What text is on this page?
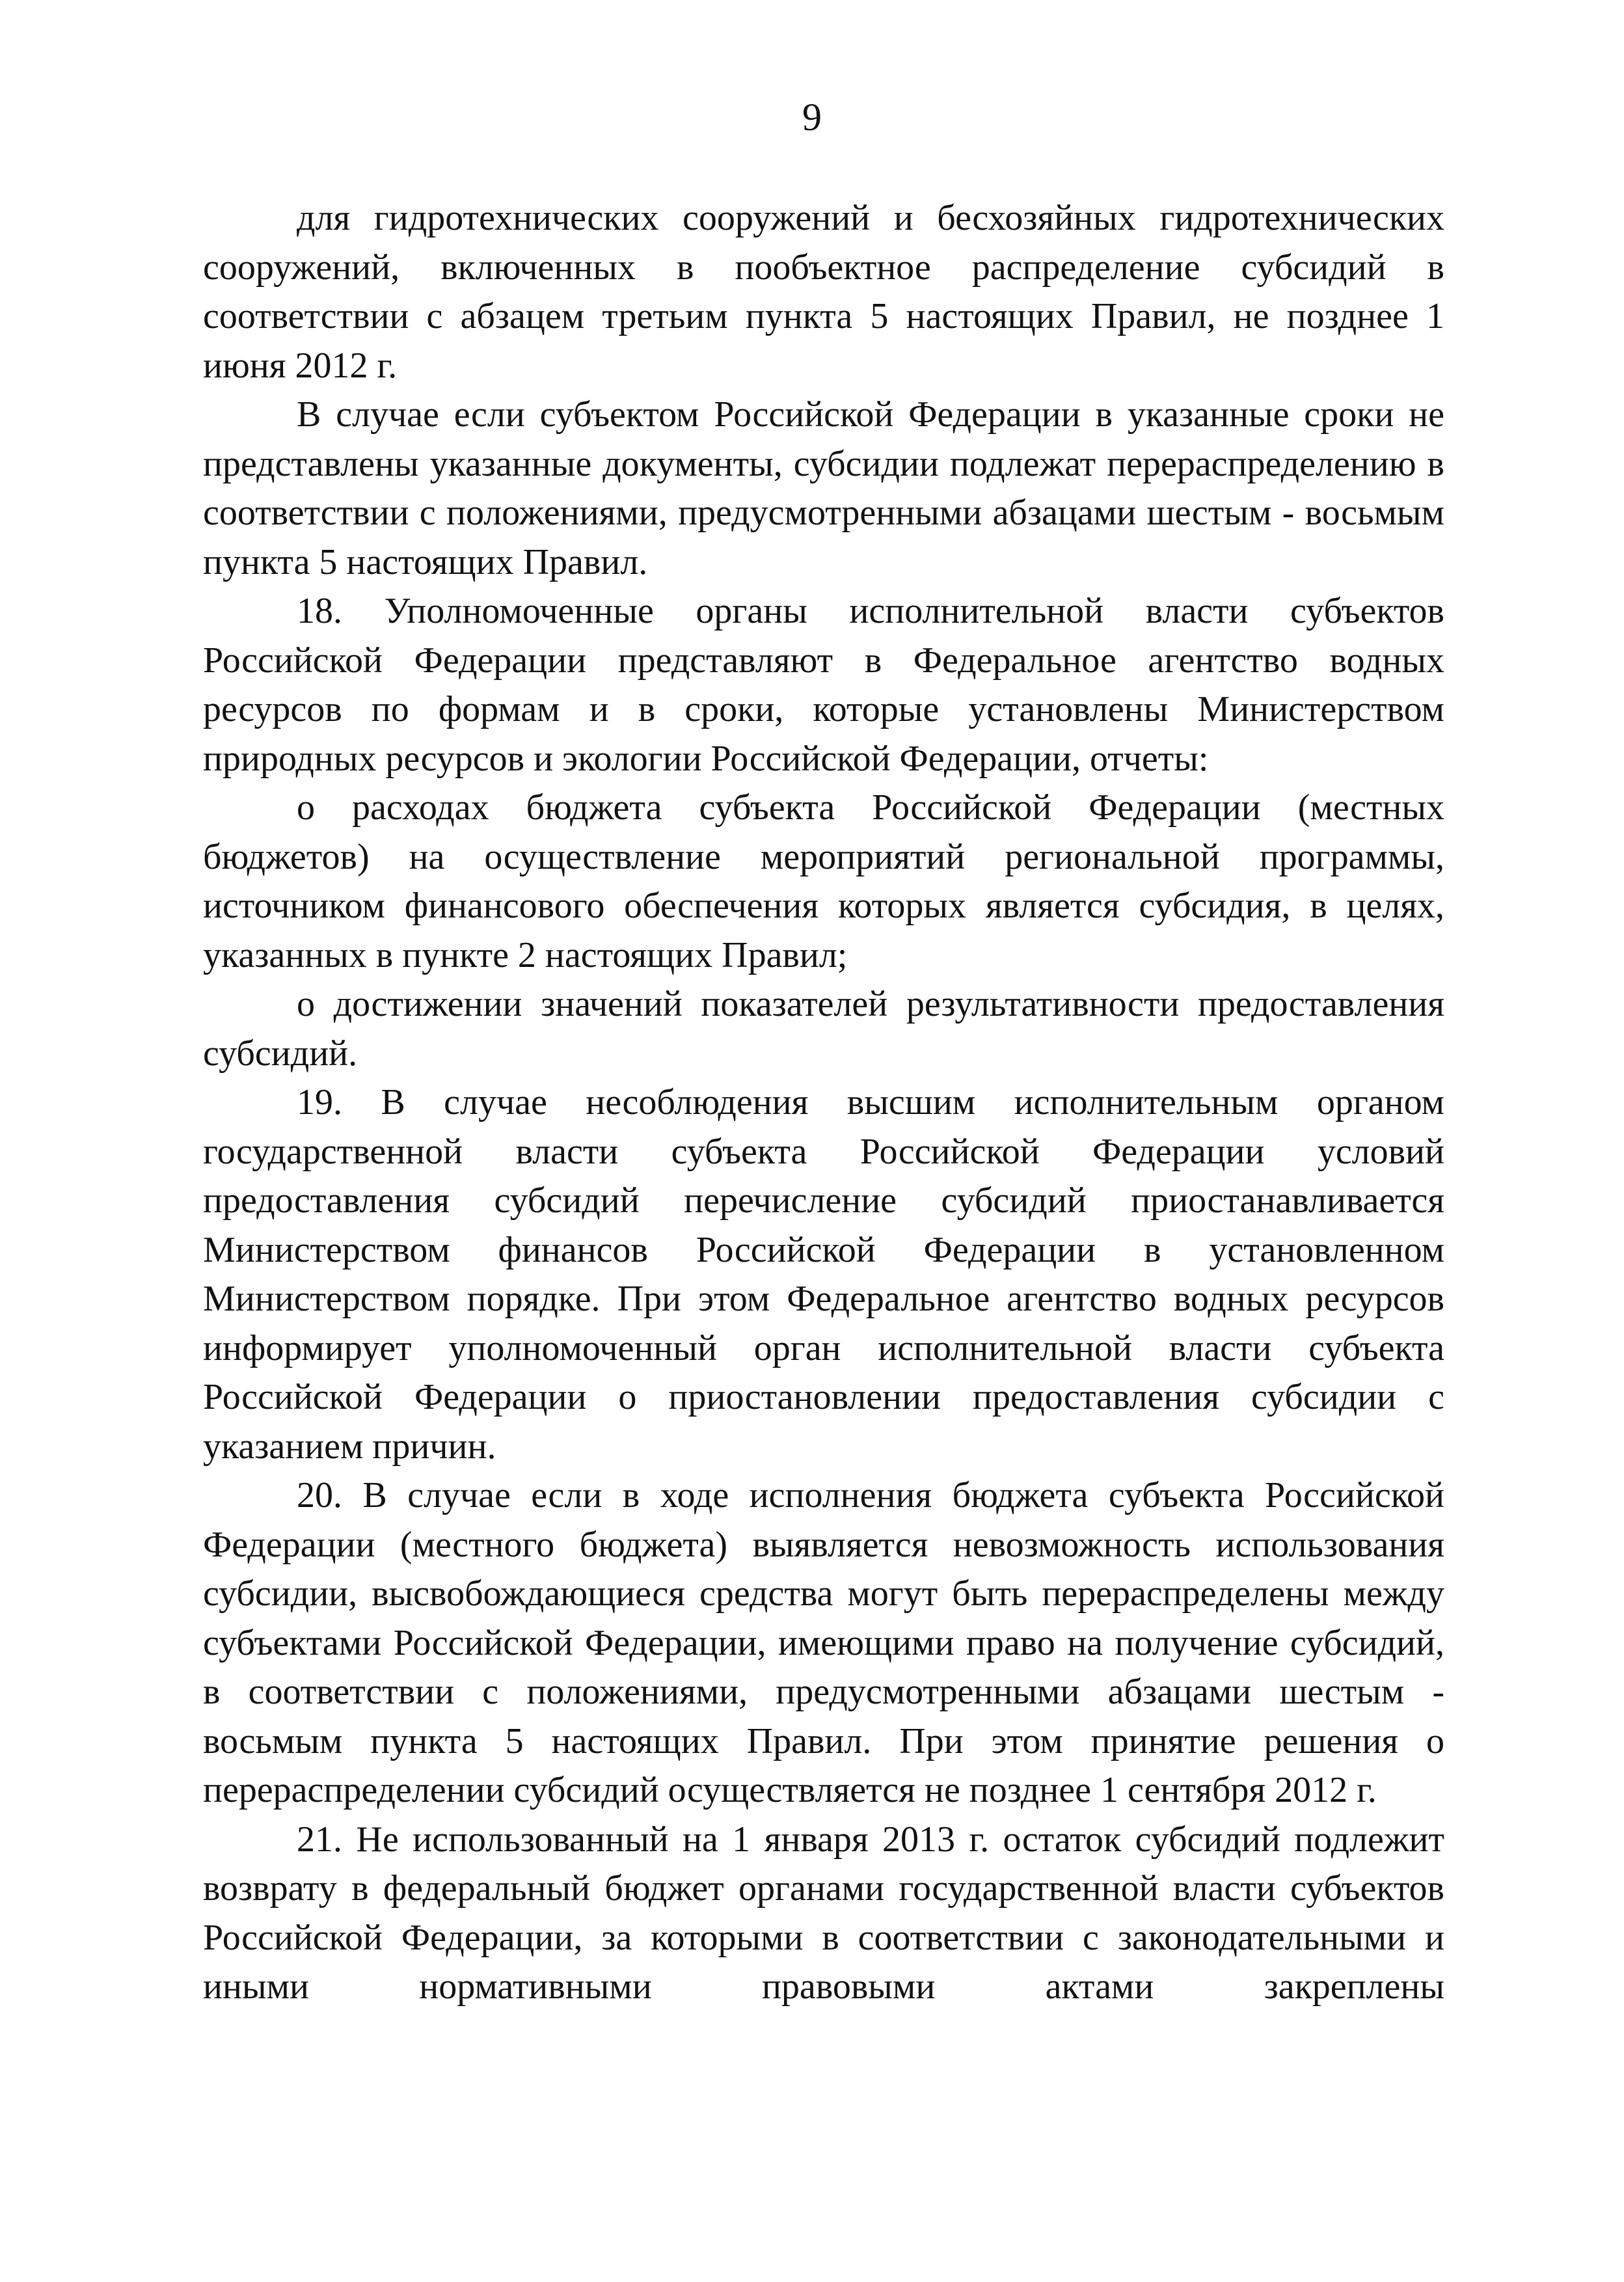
9

для гидротехнических сооружений и бесхозяйных гидротехнических сооружений, включенных в пообъектное распределение субсидий в соответствии с абзацем третьим пункта 5 настоящих Правил, не позднее 1 июня 2012 г.

В случае если субъектом Российской Федерации в указанные сроки не представлены указанные документы, субсидии подлежат перераспределению в соответствии с положениями, предусмотренными абзацами шестым - восьмым пункта 5 настоящих Правил.

18. Уполномоченные органы исполнительной власти субъектов Российской Федерации представляют в Федеральное агентство водных ресурсов по формам и в сроки, которые установлены Министерством природных ресурсов и экологии Российской Федерации, отчеты:

о расходах бюджета субъекта Российской Федерации (местных бюджетов) на осуществление мероприятий региональной программы, источником финансового обеспечения которых является субсидия, в целях, указанных в пункте 2 настоящих Правил;

о достижении значений показателей результативности предоставления субсидий.

19. В случае несоблюдения высшим исполнительным органом государственной власти субъекта Российской Федерации условий предоставления субсидий перечисление субсидий приостанавливается Министерством финансов Российской Федерации в установленном Министерством порядке. При этом Федеральное агентство водных ресурсов информирует уполномоченный орган исполнительной власти субъекта Российской Федерации о приостановлении предоставления субсидии с указанием причин.

20. В случае если в ходе исполнения бюджета субъекта Российской Федерации (местного бюджета) выявляется невозможность использования субсидии, высвобождающиеся средства могут быть перераспределены между субъектами Российской Федерации, имеющими право на получение субсидий, в соответствии с положениями, предусмотренными абзацами шестым - восьмым пункта 5 настоящих Правил. При этом принятие решения о перераспределении субсидий осуществляется не позднее 1 сентября 2012 г.

21. Не использованный на 1 января 2013 г. остаток субсидий подлежит возврату в федеральный бюджет органами государственной власти субъектов Российской Федерации, за которыми в соответствии с законодательными и иными нормативными правовыми актами закреплены
